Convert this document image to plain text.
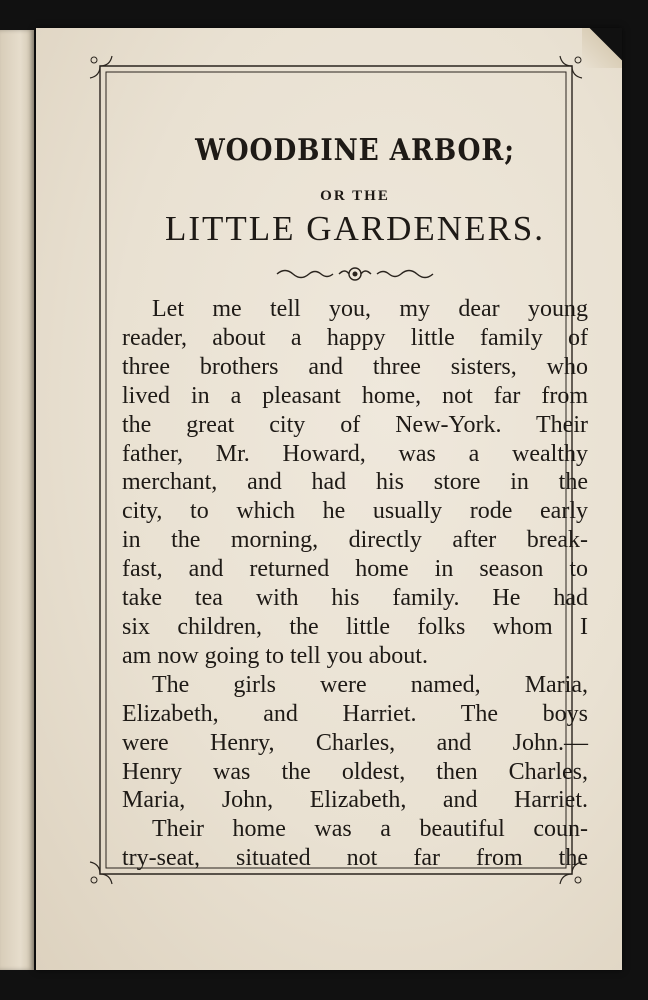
WOODBINE ARBOR;
OR THE
LITTLE GARDENERS.
Let me tell you, my dear young
reader, about a happy little family of
three brothers and three sisters, who
lived in a pleasant home, not far from
the great city of New-York. Their
father, Mr. Howard, was a wealthy
merchant, and had his store in the
city, to which he usually rode early
in the morning, directly after break-
fast, and returned home in season to
take tea with his family. He had
six children, the little folks whom I
am now going to tell you about.
The girls were named, Maria,
Elizabeth, and Harriet. The boys
were Henry, Charles, and John.—
Henry was the oldest, then Charles,
Maria, John, Elizabeth, and Harriet.
Their home was a beautiful coun-
try-seat, situated not far from the
